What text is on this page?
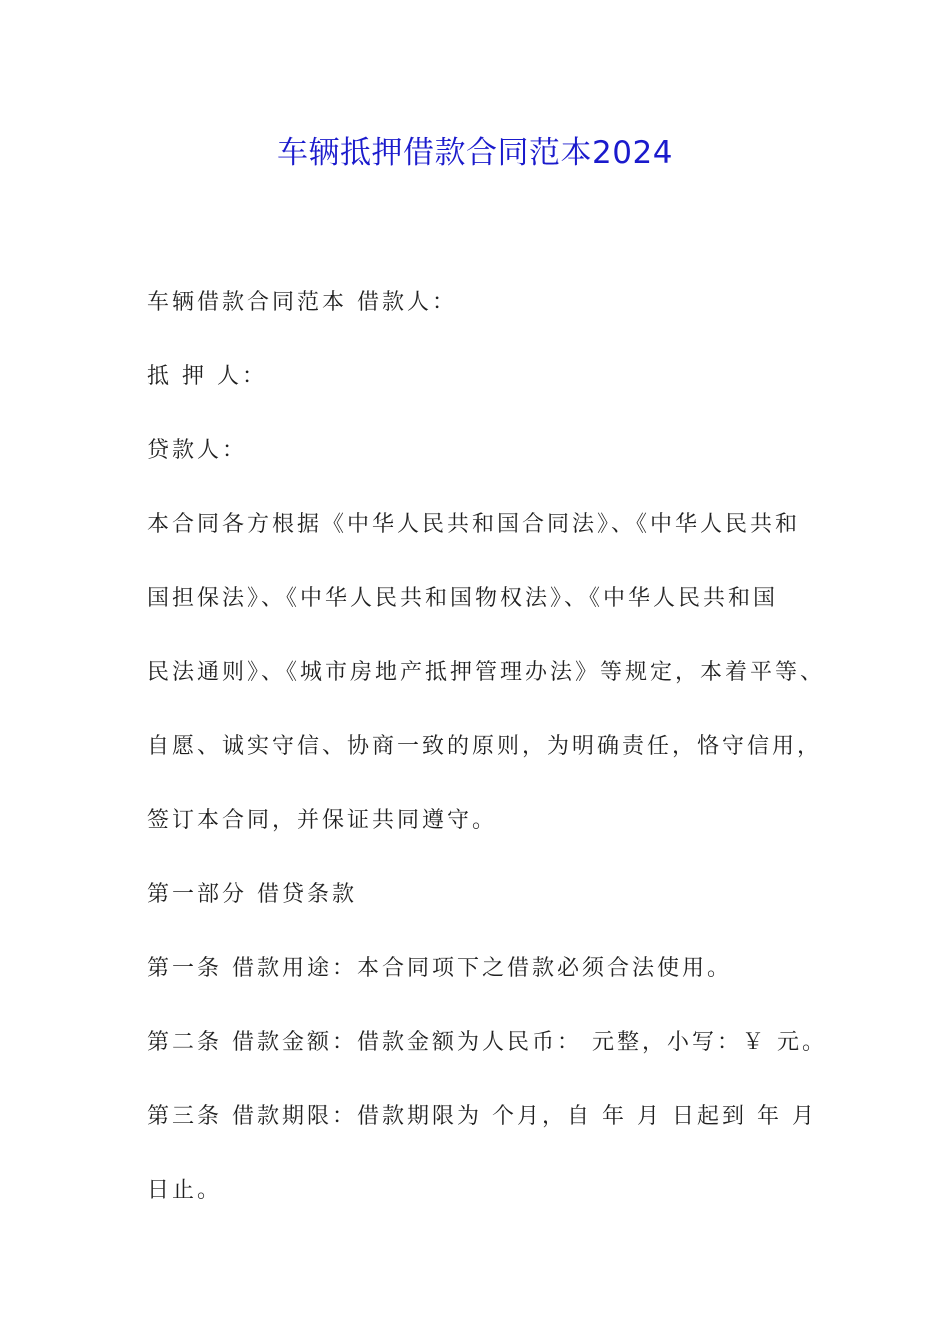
车辆抵押借款合同范本2024
车辆借款合同范本 借款人：
抵 押 人：
贷款人：
本合同各方根据《中华人民共和国合同法》、《中华人民共和
国担保法》、《中华人民共和国物权法》、《中华人民共和国
民法通则》、《城市房地产抵押管理办法》等规定，本着平等、
自愿、诚实守信、协商一致的原则，为明确责任，恪守信用，
签订本合同，并保证共同遵守。
第一部分 借贷条款
第一条 借款用途：本合同项下之借款必须合法使用。
第二条 借款金额：借款金额为人民币： 元整，小写：￥ 元。
第三条 借款期限：借款期限为 个月，自 年 月 日起到 年 月
日止。
